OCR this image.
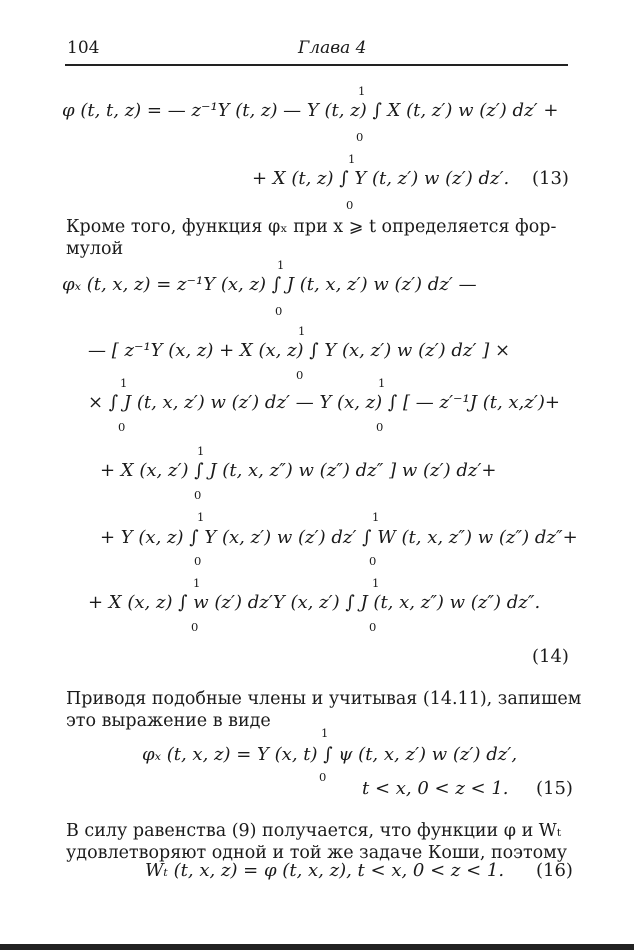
104	Глава 4
φ (t, t, z) = — z⁻¹Y (t, z) — Y (t, z) ∫ X (t, z′) w (z′) dz′ +
1
0
+ X (t, z) ∫ Y (t, z′) w (z′) dz′.
1
0
(13)
Кроме того, функция φₓ при x ⩾ t определяется фор-
мулой
φₓ (t, x, z) = z⁻¹Y (x, z) ∫ J (t, x, z′) w (z′) dz′ —
1
0
— [ z⁻¹Y (x, z) + X (x, z) ∫ Y (x, z′) w (z′) dz′ ] ×
1
0
× ∫ J (t, x, z′) w (z′) dz′ — Y (x, z) ∫ [ — z′⁻¹J (t, x,z′)+
1
0
1
0
+ X (x, z′) ∫ J (t, x, z″) w (z″) dz″ ] w (z′) dz′+
1
0
+ Y (x, z) ∫ Y (x, z′) w (z′) dz′ ∫ W (t, x, z″) w (z″) dz″+
1
0
1
0
+ X (x, z) ∫ w (z′) dz′Y (x, z′) ∫ J (t, x, z″) w (z″) dz″.
1
0
1
0
(14)
Приводя подобные члены и учитывая (14.11), запишем
это выражение в виде
φₓ (t, x, z) = Y (x, t) ∫ ψ (t, x, z′) w (z′) dz′,
1
0
t < x, 0 < z < 1. (15)
В силу равенства (9) получается, что функции φ и Wₜ
удовлетворяют одной и той же задаче Коши, поэтому
Wₜ (t, x, z) = φ (t, x, z), t < x, 0 < z < 1. (16)
